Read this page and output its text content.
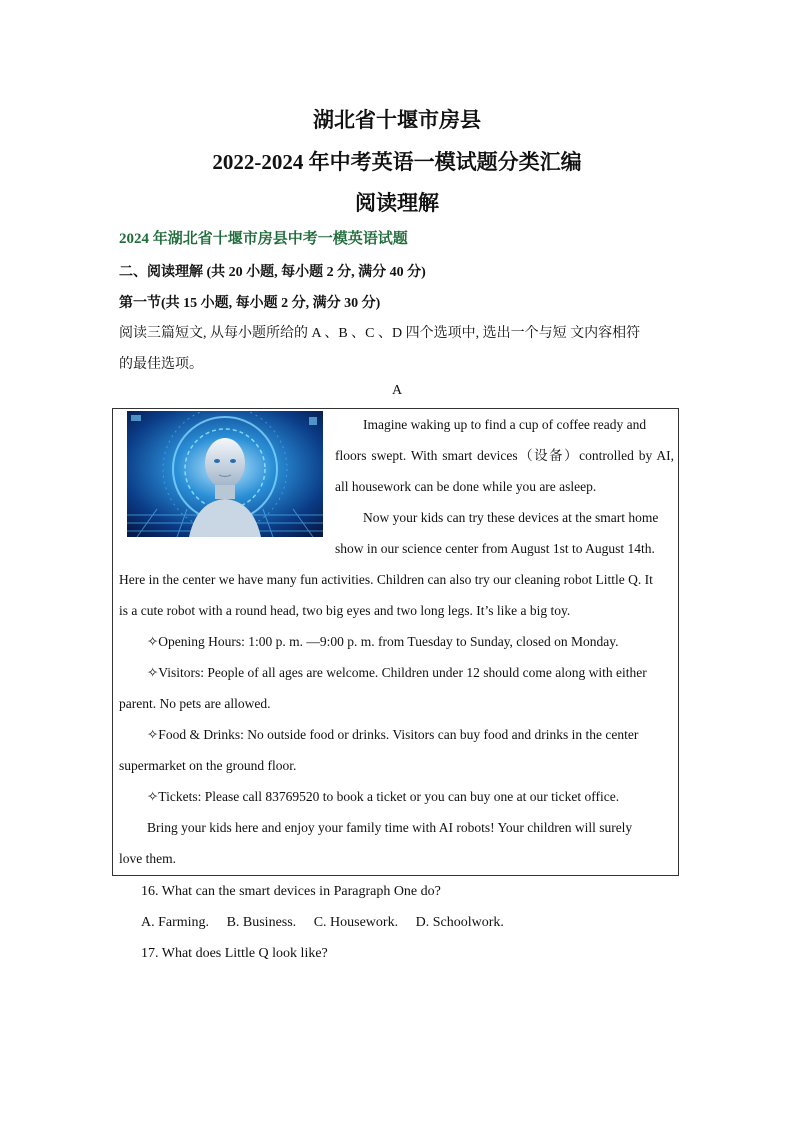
湖北省十堰市房县
2022-2024 年中考英语一模试题分类汇编
阅读理解
2024 年湖北省十堰市房县中考一模英语试题
二、阅读理解 (共 20 小题, 每小题 2 分, 满分 40 分)
第一节(共 15 小题, 每小题 2 分, 满分 30 分)
阅读三篇短文, 从每小题所给的 A 、B 、C 、D 四个选项中, 选出一个与短 文内容相符
的最佳选项。
A
Imagine waking up to find a cup of coffee ready and
floors swept. With smart devices（设备）controlled by AI,
all housework can be done while you are asleep.
Now your kids can try these devices at the smart home
show in our science center from August 1st to August 14th.
Here in the center we have many fun activities. Children can also try our cleaning robot Little Q. It
is a cute robot with a round head, two big eyes and two long legs. It’s like a big toy.
✧Opening Hours: 1:00 p. m. —9:00 p. m. from Tuesday to Sunday, closed on Monday.
✧Visitors: People of all ages are welcome. Children under 12 should come along with either
parent. No pets are allowed.
✧Food & Drinks: No outside food or drinks. Visitors can buy food and drinks in the center
supermarket on the ground floor.
✧Tickets: Please call 83769520 to book a ticket or you can buy one at our ticket office.
Bring your kids here and enjoy your family time with AI robots! Your children will surely
love them.
16. What can the smart devices in Paragraph One do?
A. Farming. B. Business. C. Housework. D. Schoolwork.
17. What does Little Q look like?
